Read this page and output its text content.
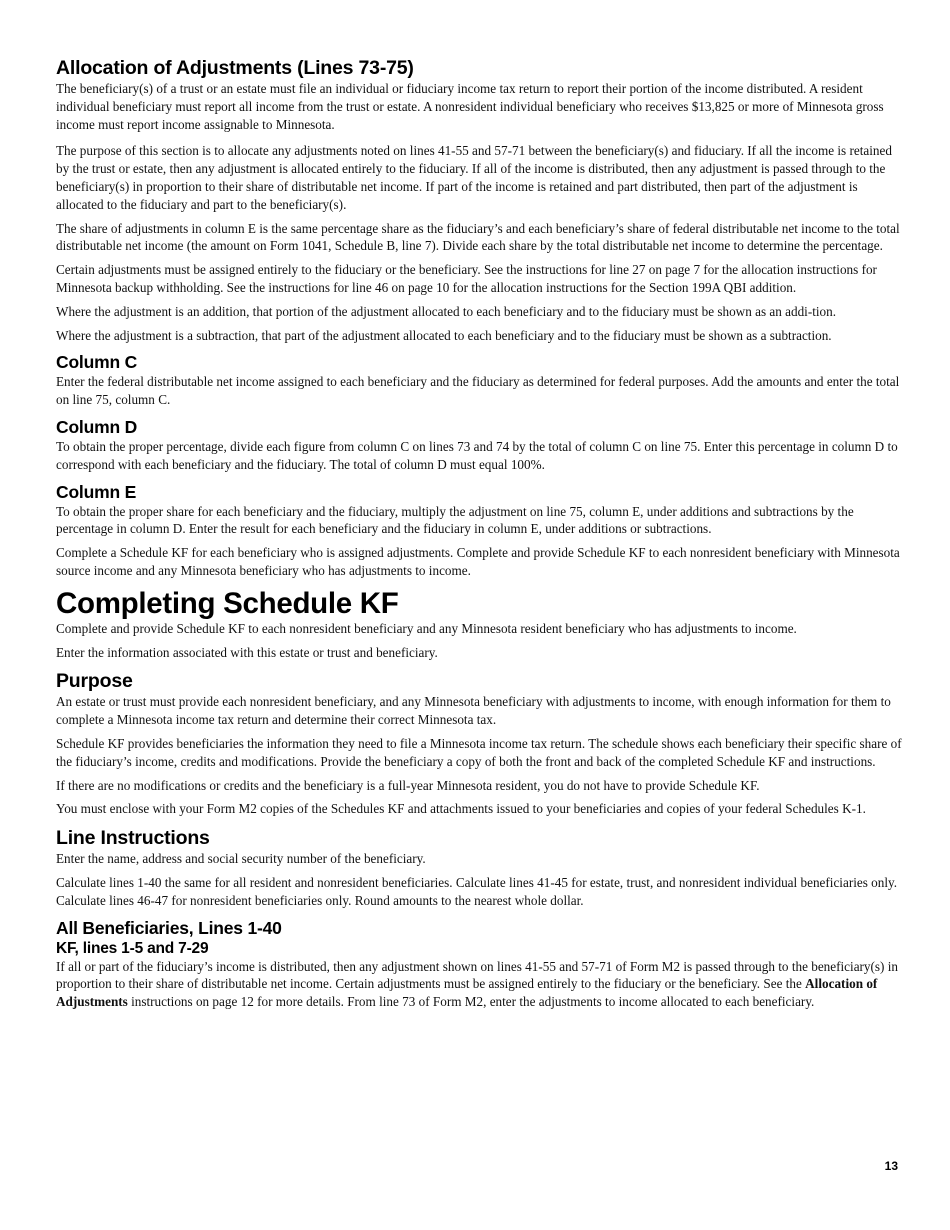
Allocation of Adjustments (Lines 73-75)

The beneficiary(s) of a trust or an estate must file an individual or fiduciary income tax return to report their portion of the income distributed. A resident individual beneficiary must report all income from the trust or estate. A nonresident individual beneficiary who receives $13,825 or more of Minnesota gross income must report income assignable to Minnesota.

The purpose of this section is to allocate any adjustments noted on lines 41-55 and 57-71 between the beneficiary(s) and fiduciary. If all the income is retained by the trust or estate, then any adjustment is allocated entirely to the fiduciary. If all of the income is distributed, then any adjustment is passed through to the beneficiary(s) in proportion to their share of distributable net income. If part of the income is retained and part distributed, then part of the adjustment is allocated to the fiduciary and part to the beneficiary(s).

The share of adjustments in column E is the same percentage share as the fiduciary’s and each beneficiary’s share of federal distributable net income to the total distributable net income (the amount on Form 1041, Schedule B, line 7). Divide each share by the total distributable net income to determine the percentage.

Certain adjustments must be assigned entirely to the fiduciary or the beneficiary. See the instructions for line 27 on page 7 for the allocation instructions for Minnesota backup withholding. See the instructions for line 46 on page 10 for the allocation instructions for the Section 199A QBI addition.

Where the adjustment is an addition, that portion of the adjustment allocated to each beneficiary and to the fiduciary must be shown as an addi-tion.

Where the adjustment is a subtraction, that part of the adjustment allocated to each beneficiary and to the fiduciary must be shown as a subtraction.

Column C

Enter the federal distributable net income assigned to each beneficiary and the fiduciary as determined for federal purposes. Add the amounts and enter the total on line 75, column C.

Column D

To obtain the proper percentage, divide each figure from column C on lines 73 and 74 by the total of column C on line 75. Enter this percentage in column D to correspond with each beneficiary and the fiduciary. The total of column D must equal 100%.

Column E

To obtain the proper share for each beneficiary and the fiduciary, multiply the adjustment on line 75, column E, under additions and subtractions by the percentage in column D. Enter the result for each beneficiary and the fiduciary in column E, under additions or subtractions.

Complete a Schedule KF for each beneficiary who is assigned adjustments. Complete and provide Schedule KF to each nonresident beneficiary with Minnesota source income and any Minnesota beneficiary who has adjustments to income.

Completing Schedule KF

Complete and provide Schedule KF to each nonresident beneficiary and any Minnesota resident beneficiary who has adjustments to income.

Enter the information associated with this estate or trust and beneficiary.

Purpose

An estate or trust must provide each nonresident beneficiary, and any Minnesota beneficiary with adjustments to income, with enough information for them to complete a Minnesota income tax return and determine their correct Minnesota tax.

Schedule KF provides beneficiaries the information they need to file a Minnesota income tax return. The schedule shows each beneficiary their specific share of the fiduciary’s income, credits and modifications. Provide the beneficiary a copy of both the front and back of the completed Schedule KF and instructions.

If there are no modifications or credits and the beneficiary is a full-year Minnesota resident, you do not have to provide Schedule KF.

You must enclose with your Form M2 copies of the Schedules KF and attachments issued to your beneficiaries and copies of your federal Schedules K-1.

Line Instructions

Enter the name, address and social security number of the beneficiary.

Calculate lines 1-40 the same for all resident and nonresident beneficiaries. Calculate lines 41-45 for estate, trust, and nonresident individual beneficiaries only. Calculate lines 46-47 for nonresident beneficiaries only. Round amounts to the nearest whole dollar.

All Beneficiaries, Lines 1-40
KF, lines 1-5 and 7-29

If all or part of the fiduciary’s income is distributed, then any adjustment shown on lines 41-55 and 57-71 of Form M2 is passed through to the beneficiary(s) in proportion to their share of distributable net income. Certain adjustments must be assigned entirely to the fiduciary or the beneficiary. See the Allocation of Adjustments instructions on page 12 for more details. From line 73 of Form M2, enter the adjustments to income allocated to each beneficiary.

13
